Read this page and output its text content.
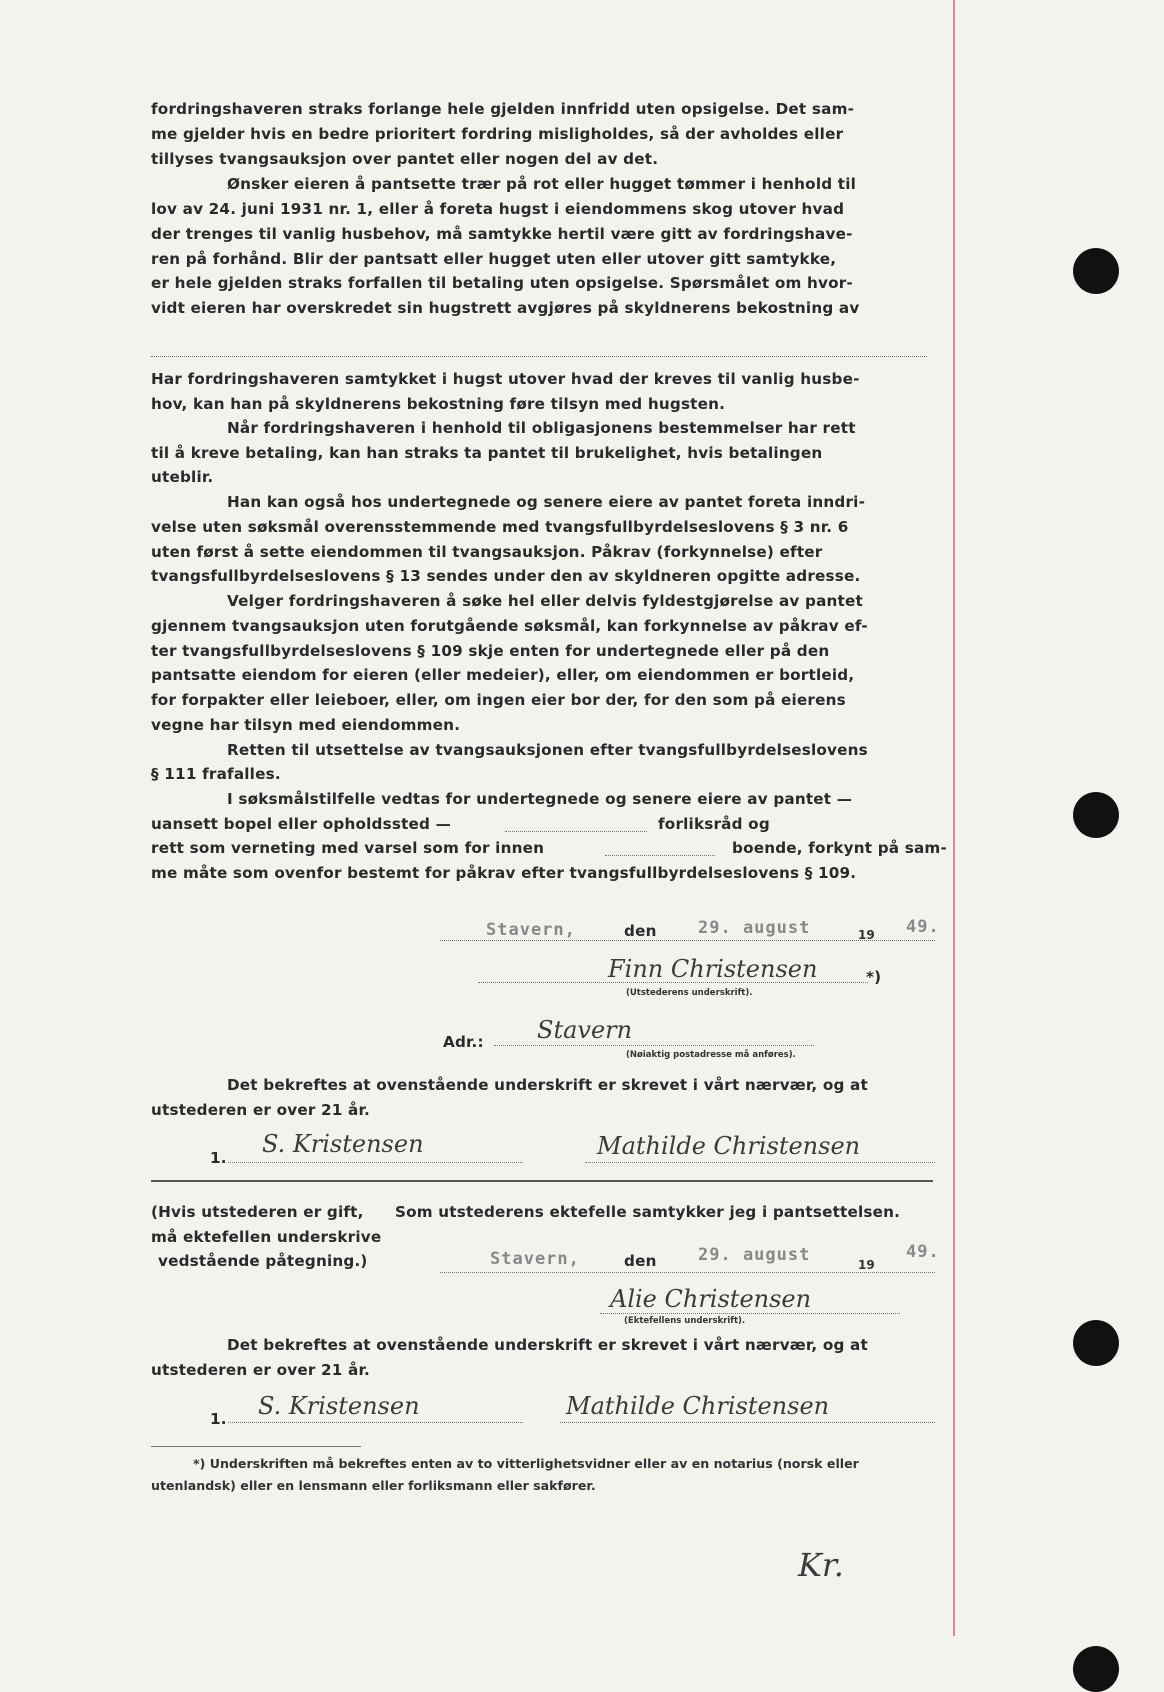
fordringshaveren straks forlange hele gjelden innfridd uten opsigelse. Det sam-
me gjelder hvis en bedre prioritert fordring misligholdes, så der avholdes eller
tillyses tvangsauksjon over pantet eller nogen del av det.
Ønsker eieren å pantsette trær på rot eller hugget tømmer i henhold til
lov av 24. juni 1931 nr. 1, eller å foreta hugst i eiendommens skog utover hvad
der trenges til vanlig husbehov, må samtykke hertil være gitt av fordringshave-
ren på forhånd. Blir der pantsatt eller hugget uten eller utover gitt samtykke,
er hele gjelden straks forfallen til betaling uten opsigelse. Spørsmålet om hvor-
vidt eieren har overskredet sin hugstrett avgjøres på skyldnerens bekostning av
Har fordringshaveren samtykket i hugst utover hvad der kreves til vanlig husbe-
hov, kan han på skyldnerens bekostning føre tilsyn med hugsten.
Når fordringshaveren i henhold til obligasjonens bestemmelser har rett
til å kreve betaling, kan han straks ta pantet til brukelighet, hvis betalingen
uteblir.
Han kan også hos undertegnede og senere eiere av pantet foreta inndri-
velse uten søksmål overensstemmende med tvangsfullbyrdelseslovens § 3 nr. 6
uten først å sette eiendommen til tvangsauksjon. Påkrav (forkynnelse) efter
tvangsfullbyrdelseslovens § 13 sendes under den av skyldneren opgitte adresse.
Velger fordringshaveren å søke hel eller delvis fyldestgjørelse av pantet
gjennem tvangsauksjon uten forutgående søksmål, kan forkynnelse av påkrav ef-
ter tvangsfullbyrdelseslovens § 109 skje enten for undertegnede eller på den
pantsatte eiendom for eieren (eller medeier), eller, om eiendommen er bortleid,
for forpakter eller leieboer, eller, om ingen eier bor der, for den som på eierens
vegne har tilsyn med eiendommen.
Retten til utsettelse av tvangsauksjonen efter tvangsfullbyrdelseslovens
§ 111 frafalles.
I søksmålstilfelle vedtas for undertegnede og senere eiere av pantet —
uansett bopel eller opholdssted —	forliksråd og
rett som verneting med varsel som for innen	boende, forkynt på sam-
me måte som ovenfor bestemt for påkrav efter tvangsfullbyrdelseslovens § 109.
Stavern,	den 29. august	19 49.
Finn Christensen	*)
(Utstederens underskrift).
Adr.: Stavern
(Nøiaktig postadresse må anføres).
Det bekreftes at ovenstående underskrift er skrevet i vårt nærvær, og at
utstederen er over 21 år.
1. S. Kristensen	Mathilde Christensen
(Hvis utstederen er gift,
må ektefellen underskrive
vedstående påtegning.)
Som utstederens ektefelle samtykker jeg i pantsettelsen.
Stavern,	den 29. august	19
49.
Alie Christensen
(Ektefellens underskrift).
Det bekreftes at ovenstående underskrift er skrevet i vårt nærvær, og at
utstederen er over 21 år.
1. S. Kristensen	Mathilde Christensen
*) Underskriften må bekreftes enten av to vitterlighetsvidner eller av en notarius (norsk eller
utenlandsk) eller en lensmann eller forliksmann eller sakfører.
Kr.
